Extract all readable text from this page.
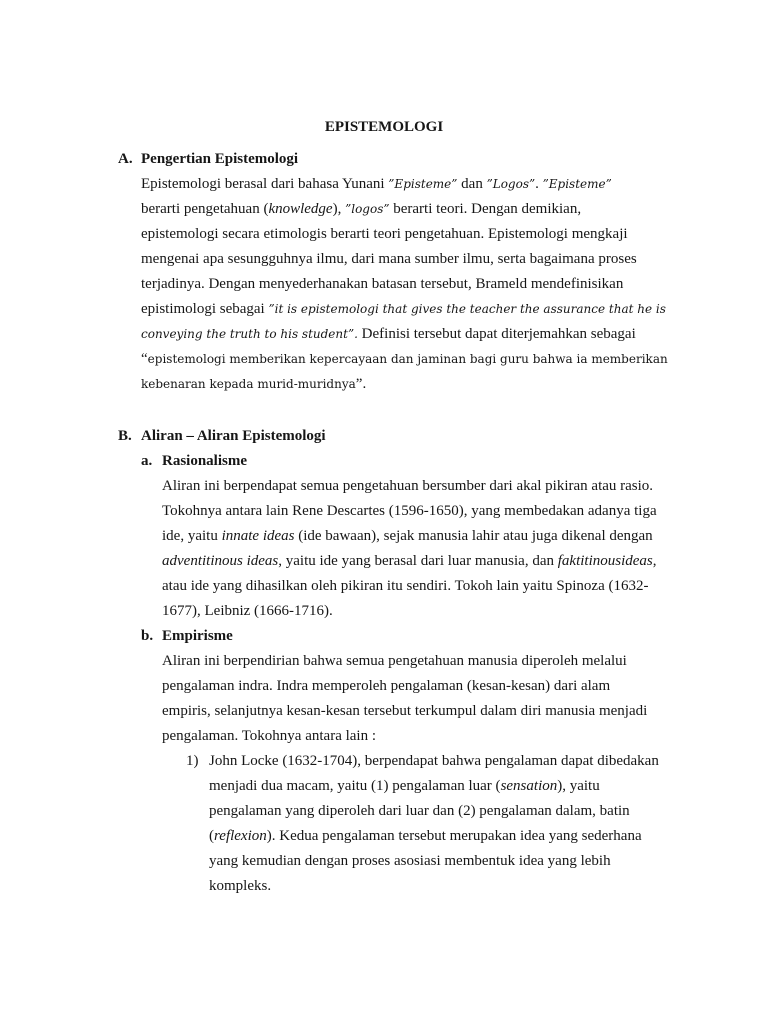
EPISTEMOLOGI
A. Pengertian Epistemologi
Epistemologi berasal dari bahasa Yunani ”Episteme” dan ”Logos”. ”Episteme”
berarti pengetahuan (knowledge), ”logos” berarti teori. Dengan demikian,
epistemologi secara etimologis berarti teori pengetahuan. Epistemologi mengkaji
mengenai apa sesungguhnya ilmu, dari mana sumber ilmu, serta bagaimana proses
terjadinya. Dengan menyederhanakan batasan tersebut, Brameld mendefinisikan
epistimologi sebagai ”it is epistemologi that gives the teacher the assurance that he is
conveying the truth to his student”. Definisi tersebut dapat diterjemahkan sebagai
“epistemologi memberikan kepercayaan dan jaminan bagi guru bahwa ia memberikan
kebenaran kepada murid-muridnya”.
B. Aliran – Aliran Epistemologi
a. Rasionalisme
Aliran ini berpendapat semua pengetahuan bersumber dari akal pikiran atau rasio.
Tokohnya antara lain Rene Descartes (1596-1650), yang membedakan adanya tiga
ide, yaitu innate ideas (ide bawaan), sejak manusia lahir atau juga dikenal dengan
adventitinous ideas, yaitu ide yang berasal dari luar manusia, dan faktitinousideas,
atau ide yang dihasilkan oleh pikiran itu sendiri. Tokoh lain yaitu Spinoza (1632-
1677), Leibniz (1666-1716).
b. Empirisme
Aliran ini berpendirian bahwa semua pengetahuan manusia diperoleh melalui
pengalaman indra. Indra memperoleh pengalaman (kesan-kesan) dari alam
empiris, selanjutnya kesan-kesan tersebut terkumpul dalam diri manusia menjadi
pengalaman. Tokohnya antara lain :
1) John Locke (1632-1704), berpendapat bahwa pengalaman dapat dibedakan
menjadi dua macam, yaitu (1) pengalaman luar (sensation), yaitu
pengalaman yang diperoleh dari luar dan (2) pengalaman dalam, batin
(reflexion). Kedua pengalaman tersebut merupakan idea yang sederhana
yang kemudian dengan proses asosiasi membentuk idea yang lebih
kompleks.
